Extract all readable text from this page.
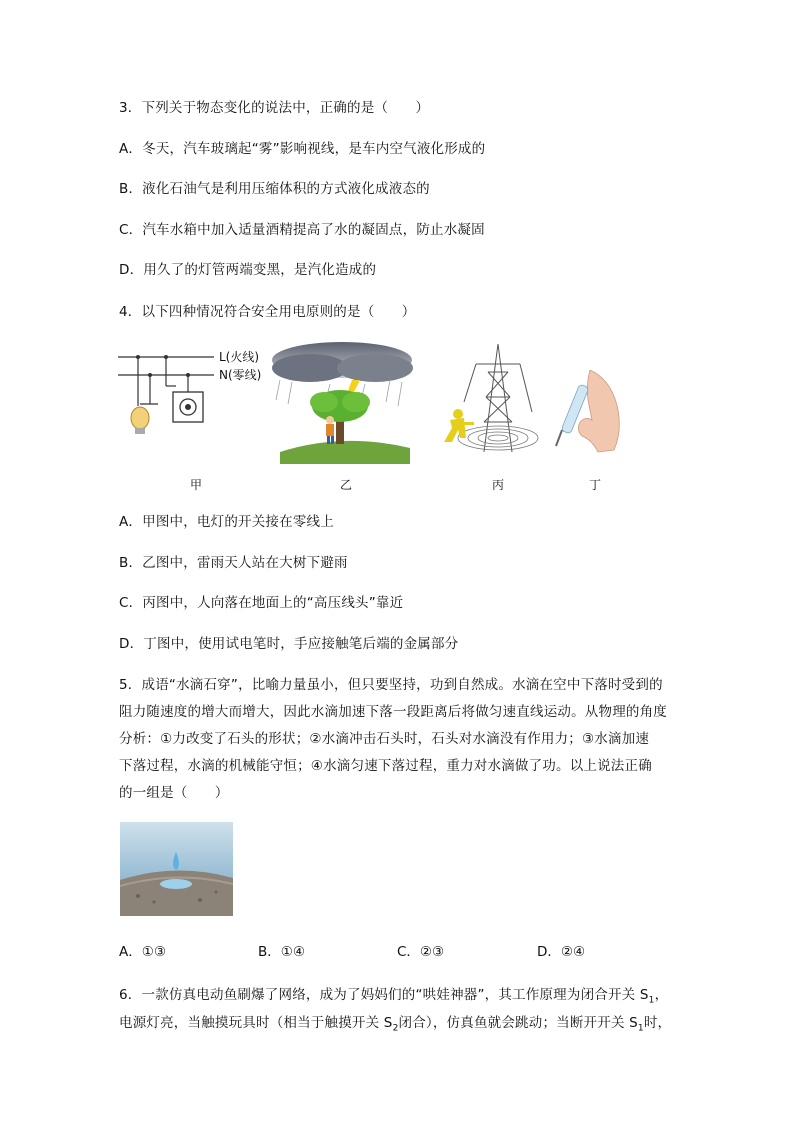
3．下列关于物态变化的说法中，正确的是（　　）
A．冬天，汽车玻璃起“雾”影响视线，是车内空气液化形成的
B．液化石油气是利用压缩体积的方式液化成液态的
C．汽车水箱中加入适量酒精提高了水的凝固点，防止水凝固
D．用久了的灯管两端变黑，是汽化造成的
4．以下四种情况符合安全用电原则的是（　　）
L(火线)
N(零线)
甲	乙	丙	丁
A．甲图中，电灯的开关接在零线上
B．乙图中，雷雨天人站在大树下避雨
C．丙图中，人向落在地面上的“高压线头”靠近
D．丁图中，使用试电笔时，手应接触笔后端的金属部分
5．成语“水滴石穿”，比喻力量虽小，但只要坚持，功到自然成。水滴在空中下落时受到的
阻力随速度的增大而增大，因此水滴加速下落一段距离后将做匀速直线运动。从物理的角度
分析：①力改变了石头的形状；②水滴冲击石头时，石头对水滴没有作用力；③水滴加速
下落过程，水滴的机械能守恒；④水滴匀速下落过程，重力对水滴做了功。以上说法正确
的一组是（　　）
A．①③	B．①④	C．②③	D．②④
6．一款仿真电动鱼刷爆了网络，成为了妈妈们的“哄娃神器”，其工作原理为闭合开关 $S_1$，
电源灯亮，当触摸玩具时（相当于触摸开关 $S_2$闭合），仿真鱼就会跳动；当断开开关 $S_1$时，
